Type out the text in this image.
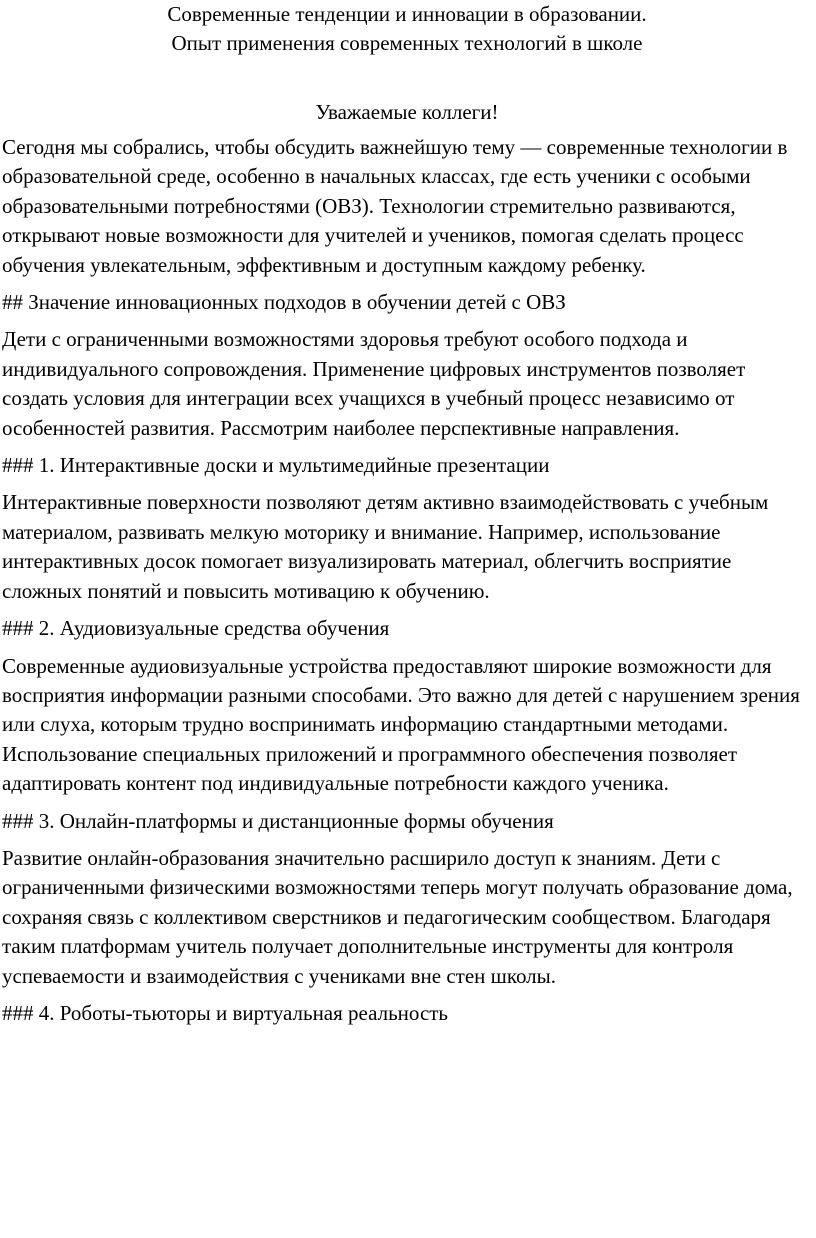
Современные тенденции и инновации в образовании.
Опыт применения современных технологий в школе

Уважаемые коллеги!

Сегодня мы собрались, чтобы обсудить важнейшую тему — современные технологии в образовательной среде, особенно в начальных классах, где есть ученики с особыми образовательными потребностями (ОВЗ). Технологии стремительно развиваются, открывают новые возможности для учителей и учеников, помогая сделать процесс обучения увлекательным, эффективным и доступным каждому ребенку.

## Значение инновационных подходов в обучении детей с ОВЗ

Дети с ограниченными возможностями здоровья требуют особого подхода и индивидуального сопровождения. Применение цифровых инструментов позволяет создать условия для интеграции всех учащихся в учебный процесс независимо от особенностей развития. Рассмотрим наиболее перспективные направления.

### 1. Интерактивные доски и мультимедийные презентации

Интерактивные поверхности позволяют детям активно взаимодействовать с учебным материалом, развивать мелкую моторику и внимание. Например, использование интерактивных досок помогает визуализировать материал, облегчить восприятие сложных понятий и повысить мотивацию к обучению.

### 2. Аудиовизуальные средства обучения

Современные аудиовизуальные устройства предоставляют широкие возможности для восприятия информации разными способами. Это важно для детей с нарушением зрения или слуха, которым трудно воспринимать информацию стандартными методами. Использование специальных приложений и программного обеспечения позволяет адаптировать контент под индивидуальные потребности каждого ученика.

### 3. Онлайн-платформы и дистанционные формы обучения

Развитие онлайн-образования значительно расширило доступ к знаниям. Дети с ограниченными физическими возможностями теперь могут получать образование дома, сохраняя связь с коллективом сверстников и педагогическим сообществом. Благодаря таким платформам учитель получает дополнительные инструменты для контроля успеваемости и взаимодействия с учениками вне стен школы.

### 4. Роботы-тьюторы и виртуальная реальность
